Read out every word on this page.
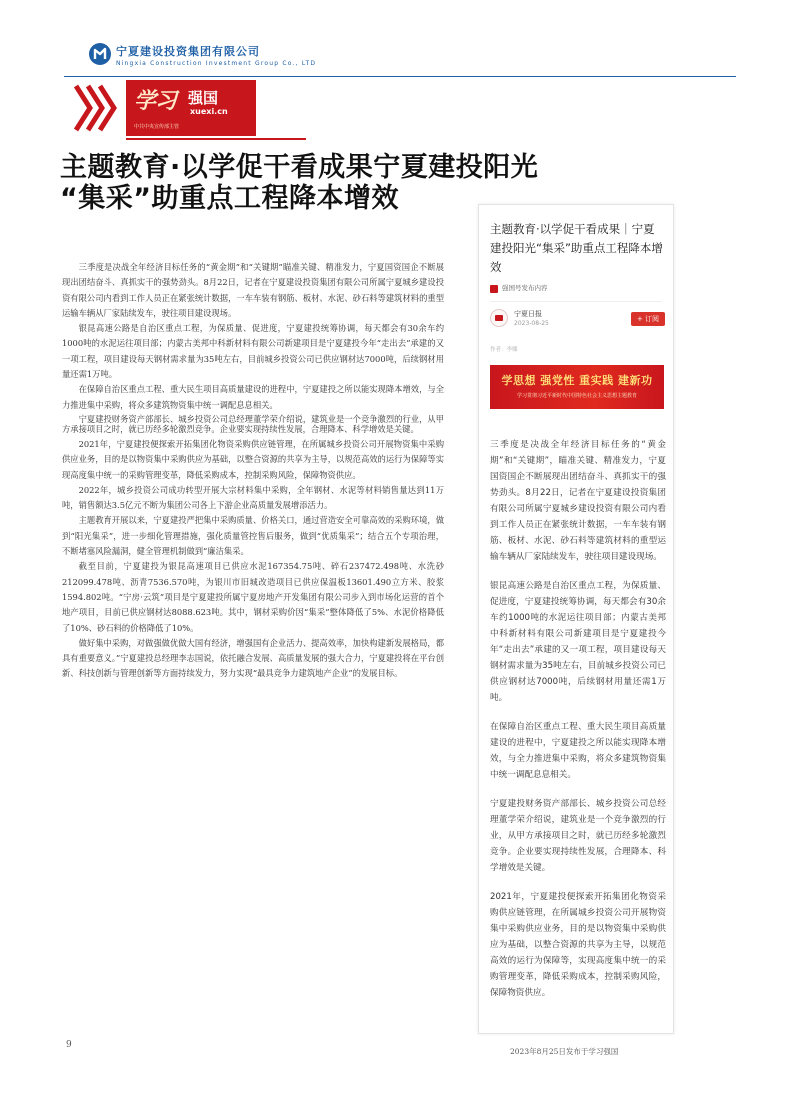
宁夏建设投资集团有限公司
Ningxia Construction Investment Group Co., LTD
学习 强国
xuexi.cn
中共中央宣传部主管
主题教育·以学促干看成果宁夏建投阳光
“集采”助重点工程降本增效

三季度是决战全年经济目标任务的“黄金期”和“关键期”瞄准关键、精准发力，宁夏国资国企不断展现出团结奋斗、真抓实干的强势劲头。8月22日，记者在宁夏建设投资集团有限公司所属宁夏城乡建设投资有限公司内看到工作人员正在紧张统计数据，一车车装有钢筋、板材、水泥、砂石料等建筑材料的重型运输车辆从厂家陆续发车，驶往项目建设现场。

银昆高速公路是自治区重点工程，为保质量、促进度，宁夏建投统筹协调，每天都会有30余车约1000吨的水泥运往项目部；内蒙古美邦中科新材料有限公司新建项目是宁夏建投今年“走出去”承建的又一项工程，项目建设每天钢材需求量为35吨左右，目前城乡投资公司已供应钢材达7000吨，后续钢材用量还需1万吨。

在保障自治区重点工程、重大民生项目高质量建设的进程中，宁夏建投之所以能实现降本增效，与全力推进集中采购，将众多建筑物资集中统一调配息息相关。

宁夏建投财务资产部部长、城乡投资公司总经理董学荣介绍说，建筑业是一个竞争激烈的行业，从甲方承接项目之时，就已历经多轮激烈竞争。企业要实现持续性发展，合理降本、科学增效是关键。

2021年，宁夏建投便探索开拓集团化物资采购供应链管理，在所属城乡投资公司开展物资集中采购供应业务，目的是以物资集中采购供应为基础，以整合资源的共享为主导，以规范高效的运行为保障等实现高度集中统一的采购管理变革，降低采购成本，控制采购风险，保障物资供应。

2022年，城乡投资公司成功转型开展大宗材料集中采购，全年钢材、水泥等材料销售量达到11万吨，销售额达3.5亿元不断为集团公司各上下游企业高质量发展增添活力。

主题教育开展以来，宁夏建投严把集中采购质量、价格关口，通过营造安全可靠高效的采购环境，做到“阳光集采”，进一步细化管理措施，强化质量管控售后服务，做到“优质集采”；结合五个专项治理，不断堵塞风险漏洞，健全管理机制做到“廉洁集采。

截至目前，宁夏建投为银昆高速项目已供应水泥167354.75吨、碎石237472.498吨、水洗砂212099.478吨、沥青7536.570吨，为银川市旧城改造项目已供应保温板13601.490立方米、胶浆1594.802吨。“宁房·云筑”项目是宁夏建投所属宁夏房地产开发集团有限公司步入到市场化运营的首个地产项目，目前已供应钢材达8088.623吨。其中，钢材采购价因“集采”整体降低了5%、水泥价格降低了10%、砂石料的价格降低了10%。

做好集中采购，对做强做优做大国有经济，增强国有企业活力、提高效率，加快构建新发展格局，都具有重要意义。”宁夏建投总经理李志国说，依托融合发展、高质量发展的强大合力，宁夏建投将在平台创新、科技创新与管理创新等方面持续发力，努力实现“最具竞争力建筑地产企业”的发展目标。

主题教育·以学促干看成果｜宁夏建投阳光“集采”助重点工程降本增效
强国号发布内容
宁夏日报
2023-08-25
+ 订阅
作者：李娜
学思想 强党性 重实践 建新功
学习贯彻习近平新时代中国特色社会主义思想主题教育

三季度是决战全年经济目标任务的“黄金期”和“关键期”，瞄准关键、精准发力，宁夏国资国企不断展现出团结奋斗、真抓实干的强势劲头。8月22日，记者在宁夏建设投资集团有限公司所属宁夏城乡建设投资有限公司内看到工作人员正在紧张统计数据，一车车装有钢筋、板材、水泥、砂石料等建筑材料的重型运输车辆从厂家陆续发车，驶往项目建设现场。

银昆高速公路是自治区重点工程，为保质量、促进度，宁夏建投统筹协调，每天都会有30余车约1000吨的水泥运往项目部；内蒙古美邦中科新材料有限公司新建项目是宁夏建投今年“走出去”承建的又一项工程，项目建设每天钢材需求量为35吨左右，目前城乡投资公司已供应钢材达7000吨，后续钢材用量还需1万吨。

在保障自治区重点工程、重大民生项目高质量建设的进程中，宁夏建投之所以能实现降本增效，与全力推进集中采购，将众多建筑物资集中统一调配息息相关。

宁夏建投财务资产部部长、城乡投资公司总经理董学荣介绍说，建筑业是一个竞争激烈的行业，从甲方承接项目之时，就已历经多轮激烈竞争。企业要实现持续性发展，合理降本、科学增效是关键。

2021年，宁夏建投便探索开拓集团化物资采购供应链管理，在所属城乡投资公司开展物资集中采购供应业务，目的是以物资集中采购供应为基础，以整合资源的共享为主导，以规范高效的运行为保障等，实现高度集中统一的采购管理变革，降低采购成本，控制采购风险，保障物资供应。

9
2023年8月25日发布于学习强国
